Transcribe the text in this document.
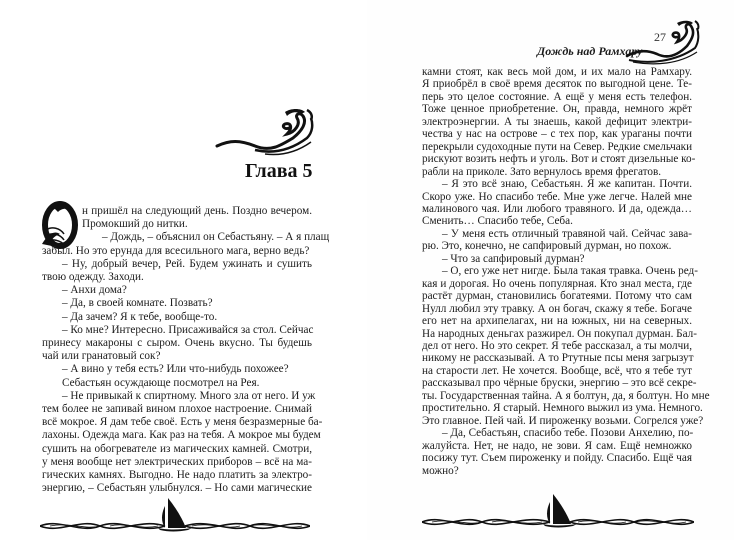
Глава 5
н пришёл на следующий день. Поздно вечером.
Промокший до нитки.
– Дождь, – объяснил он Себастьяну. – А я плащ
забыл. Но это ерунда для всесильного мага, верно ведь?
– Ну, добрый вечер, Рей. Будем ужинать и сушить
твою одежду. Заходи.
– Анхи дома?
– Да, в своей комнате. Позвать?
– Да зачем? Я к тебе, вообще-то.
– Ко мне? Интересно. Присаживайся за стол. Сейчас
принесу макароны с сыром. Очень вкусно. Ты будешь
чай или гранатовый сок?
– А вино у тебя есть? Или что-нибудь похожее?
Себастьян осуждающе посмотрел на Рея.
– Не привыкай к спиртному. Много зла от него. И уж
тем более не запивай вином плохое настроение. Снимай
всё мокрое. Я дам тебе своё. Есть у меня безразмерные ба-
лахоны. Одежда мага. Как раз на тебя. А мокрое мы будем
сушить на обогревателе из магических камней. Смотри,
у меня вообще нет электрических приборов – всё на ма-
гических камнях. Выгодно. Не надо платить за электро-
энергию, – Себастьян улыбнулся. – Но сами магические
Дождь над Рамхару
27
камни стоят, как весь мой дом, и их мало на Рамхару.
Я приобрёл в своё время десяток по выгодной цене. Те-
перь это целое состояние. А ещё у меня есть телефон.
Тоже ценное приобретение. Он, правда, немного жрёт
электроэнергии. А ты знаешь, какой дефицит электри-
чества у нас на острове – с тех пор, как ураганы почти
перекрыли судоходные пути на Север. Редкие смельчаки
рискуют возить нефть и уголь. Вот и стоят дизельные ко-
рабли на приколе. Зато вернулось время фрегатов.
– Я это всё знаю, Себастьян. Я же капитан. Почти.
Скоро уже. Но спасибо тебе. Мне уже легче. Налей мне
малинового чая. Или любого травяного. И да, одежда…
Сменить… Спасибо тебе, Себа.
– У меня есть отличный травяной чай. Сейчас зава-
рю. Это, конечно, не сапфировый дурман, но похож.
– Что за сапфировый дурман?
– О, его уже нет нигде. Была такая травка. Очень ред-
кая и дорогая. Но очень популярная. Кто знал места, где
растёт дурман, становились богатеями. Потому что сам
Нулл любил эту травку. А он богач, скажу я тебе. Богаче
его нет на архипелагах, ни на южных, ни на северных.
На народных деньгах разжирел. Он покупал дурман. Бал-
дел от него. Но это секрет. Я тебе рассказал, а ты молчи,
никому не рассказывай. А то Ртутные псы меня загрызут
на старости лет. Не хочется. Вообще, всё, что я тебе тут
рассказывал про чёрные бруски, энергию – это всё секре-
ты. Государственная тайна. А я болтун, да, я болтун. Но мне
простительно. Я старый. Немного выжил из ума. Немного.
Это главное. Пей чай. И пироженку возьми. Согрелся уже?
– Да, Себастьян, спасибо тебе. Позови Анхелию, по-
жалуйста. Нет, не надо, не зови. Я сам. Ещё немножко
посижу тут. Съем пироженку и пойду. Спасибо. Ещё чая
можно?
